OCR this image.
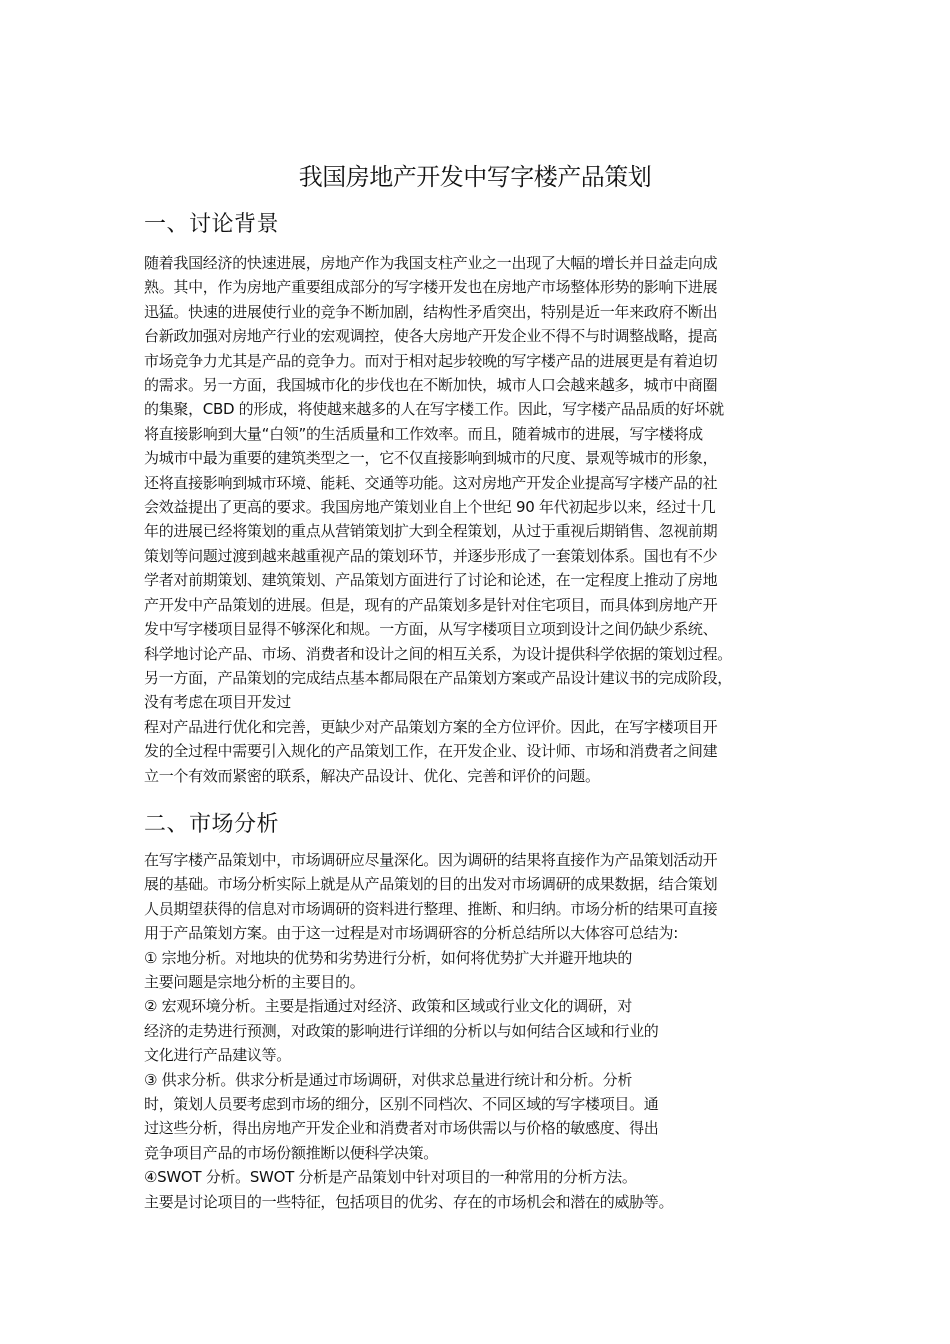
我国房地产开发中写字楼产品策划
一、讨论背景
随着我国经济的快速进展，房地产作为我国支柱产业之一出现了大幅的增长并日益走向成
熟。其中，作为房地产重要组成部分的写字楼开发也在房地产市场整体形势的影响下进展
迅猛。快速的进展使行业的竞争不断加剧，结构性矛盾突出，特别是近一年来政府不断出
台新政加强对房地产行业的宏观调控，使各大房地产开发企业不得不与时调整战略，提高
市场竞争力尤其是产品的竞争力。而对于相对起步较晚的写字楼产品的进展更是有着迫切
的需求。另一方面，我国城市化的步伐也在不断加快，城市人口会越来越多，城市中商圈
的集聚，CBD 的形成，将使越来越多的人在写字楼工作。因此，写字楼产品品质的好坏就
将直接影响到大量“白领”的生活质量和工作效率。而且，随着城市的进展，写字楼将成
为城市中最为重要的建筑类型之一，它不仅直接影响到城市的尺度、景观等城市的形象，
还将直接影响到城市环境、能耗、交通等功能。这对房地产开发企业提高写字楼产品的社
会效益提出了更高的要求。我国房地产策划业自上个世纪 90 年代初起步以来，经过十几
年的进展已经将策划的重点从营销策划扩大到全程策划，从过于重视后期销售、忽视前期
策划等问题过渡到越来越重视产品的策划环节，并逐步形成了一套策划体系。国也有不少
学者对前期策划、建筑策划、产品策划方面进行了讨论和论述，在一定程度上推动了房地
产开发中产品策划的进展。但是，现有的产品策划多是针对住宅项目，而具体到房地产开
发中写字楼项目显得不够深化和规。一方面，从写字楼项目立项到设计之间仍缺少系统、
科学地讨论产品、市场、消费者和设计之间的相互关系，为设计提供科学依据的策划过程。
另一方面，产品策划的完成结点基本都局限在产品策划方案或产品设计建议书的完成阶段，
没有考虑在项目开发过
程对产品进行优化和完善，更缺少对产品策划方案的全方位评价。因此，在写字楼项目开
发的全过程中需要引入规化的产品策划工作，在开发企业、设计师、市场和消费者之间建
立一个有效而紧密的联系，解决产品设计、优化、完善和评价的问题。
二、市场分析
在写字楼产品策划中，市场调研应尽量深化。因为调研的结果将直接作为产品策划活动开
展的基础。市场分析实际上就是从产品策划的目的出发对市场调研的成果数据，结合策划
人员期望获得的信息对市场调研的资料进行整理、推断、和归纳。市场分析的结果可直接
用于产品策划方案。由于这一过程是对市场调研容的分析总结所以大体容可总结为:
① 宗地分析。对地块的优势和劣势进行分析，如何将优势扩大并避开地块的
主要问题是宗地分析的主要目的。
② 宏观环境分析。主要是指通过对经济、政策和区域或行业文化的调研，对
经济的走势进行预测，对政策的影响进行详细的分析以与如何结合区域和行业的
文化进行产品建议等。
③ 供求分析。供求分析是通过市场调研，对供求总量进行统计和分析。分析
时，策划人员要考虑到市场的细分，区别不同档次、不同区域的写字楼项目。通
过这些分析，得出房地产开发企业和消费者对市场供需以与价格的敏感度、得出
竞争项目产品的市场份额推断以便科学决策。
④SWOT 分析。SWOT 分析是产品策划中针对项目的一种常用的分析方法。
主要是讨论项目的一些特征，包括项目的优劣、存在的市场机会和潜在的威胁等。
